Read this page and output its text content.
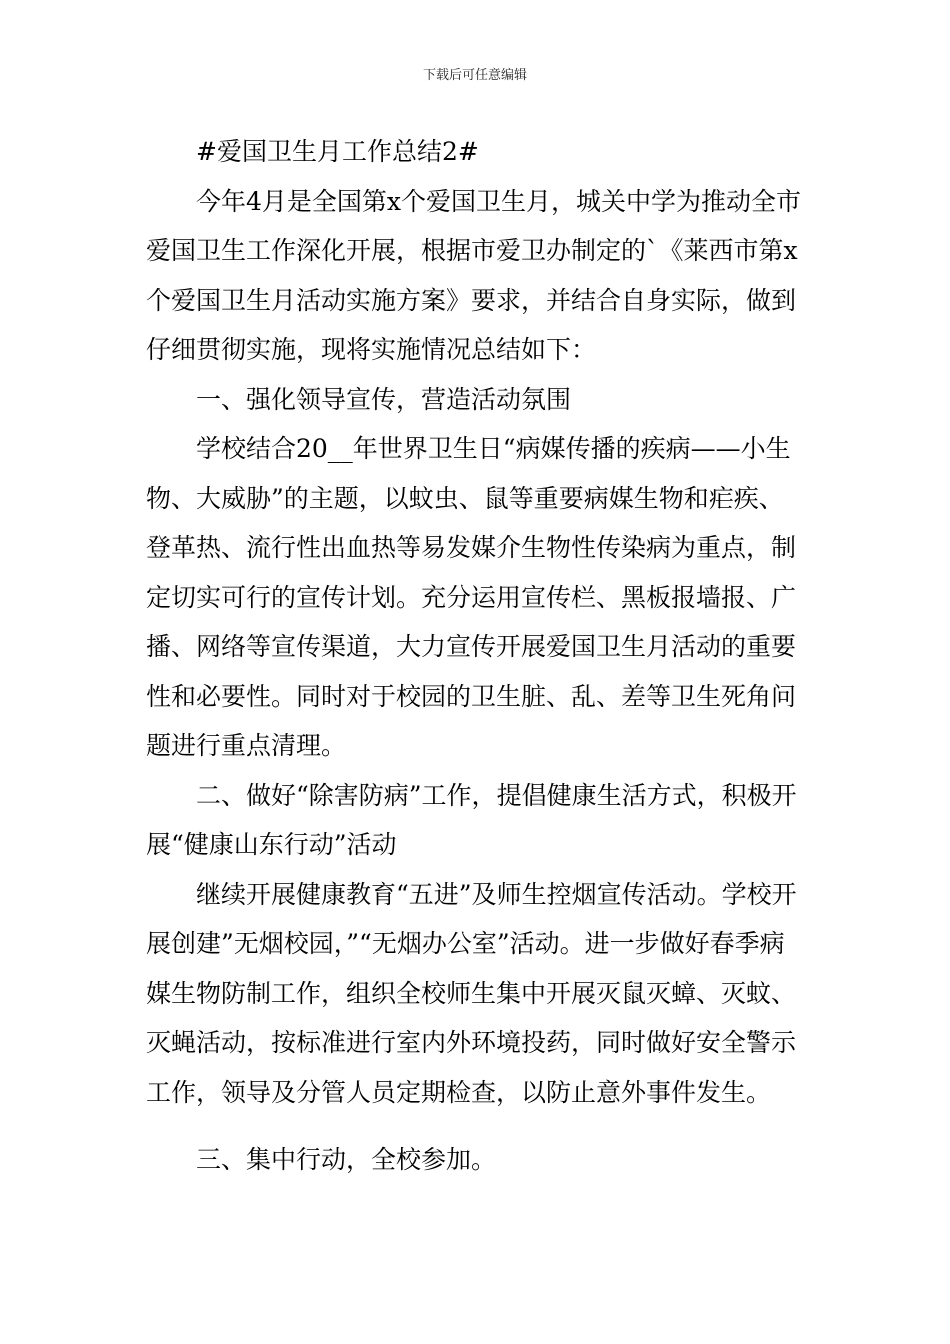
下载后可任意编辑

#爱国卫生月工作总结2#

今年4月是全国第x个爱国卫生月，城关中学为推动全市爱国卫生工作深化开展，根据市爱卫办制定的`《莱西市第x个爱国卫生月活动实施方案》要求，并结合自身实际，做到仔细贯彻实施，现将实施情况总结如下：

一、强化领导宣传，营造活动氛围

学校结合20__年世界卫生日“病媒传播的疾病——小生物、大威胁”的主题，以蚊虫、鼠等重要病媒生物和疟疾、登革热、流行性出血热等易发媒介生物性传染病为重点，制定切实可行的宣传计划。充分运用宣传栏、黑板报墙报、广播、网络等宣传渠道，大力宣传开展爱国卫生月活动的重要性和必要性。同时对于校园的卫生脏、乱、差等卫生死角问题进行重点清理。

二、做好“除害防病”工作，提倡健康生活方式，积极开展“健康山东行动”活动

继续开展健康教育“五进”及师生控烟宣传活动。学校开展创建”无烟校园，”“无烟办公室”活动。进一步做好春季病媒生物防制工作，组织全校师生集中开展灭鼠灭蟑、灭蚊、灭蝇活动，按标准进行室内外环境投药，同时做好安全警示工作，领导及分管人员定期检查，以防止意外事件发生。

三、集中行动，全校参加。
